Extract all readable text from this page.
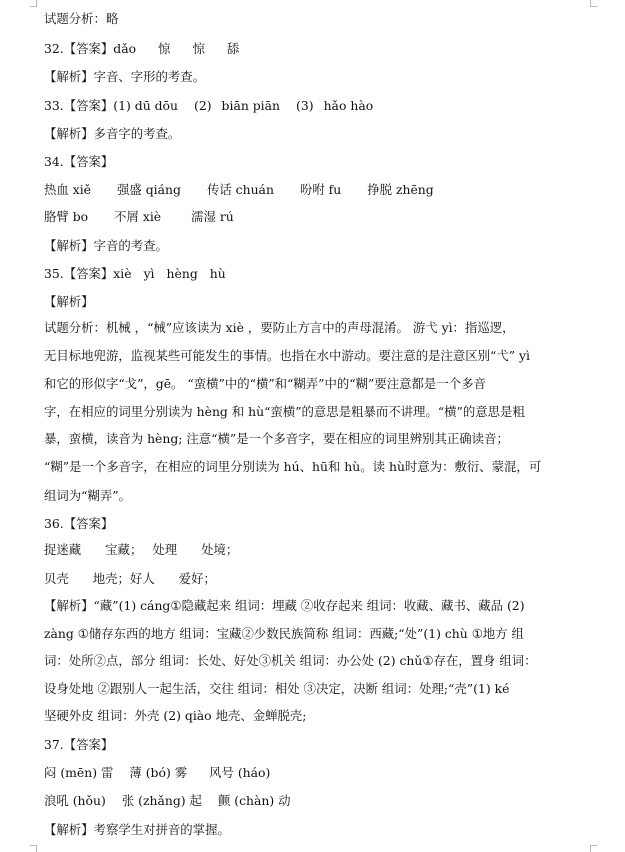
试题分析：略
32.【答案】dǎo 惊 惊 舔
【解析】字音、字形的考查。
33.【答案】(1) dū dōu (2) biān piān (3) hǎo hào
【解析】多音字的考查。
34.【答案】
热血 xiě 强盛 qiáng 传话 chuán 吩咐 fu 挣脱 zhēng
胳臂 bo 不屑 xiè 濡湿 rú
【解析】字音的考查。
35.【答案】xiè yì hèng hù
【解析】
试题分析：机械 ，“械”应该读为 xiè ，要防止方言中的声母混淆。 游弋 yì：指巡逻，
无目标地兜游，监视某些可能发生的事情。也指在水中游动。要注意的是注意区别“弋” yì
和它的形似字“戈”，gē。 “蛮横”中的“横”和“糊弄”中的“糊”要注意都是一个多音
字，在相应的词里分别读为 hèng 和 hù“蛮横”的意思是粗暴而不讲理。“横”的意思是粗
暴，蛮横，读音为 hèng; 注意“横”是一个多音字，要在相应的词里辨别其正确读音；
“糊”是一个多音字，在相应的词里分别读为 hú、hū和 hù。读 hù时意为：敷衍、蒙混，可
组词为“糊弄”。
36.【答案】
捉迷藏 宝藏； 处理 处境；
贝壳 地壳；好人 爱好；
【解析】“藏”(1) cáng①隐藏起来 组词：埋藏 ②收存起来 组词：收藏、藏书、藏品 (2)
zàng ①储存东西的地方 组词：宝藏②少数民族简称 组词：西藏;“处”(1) chù ①地方 组
词：处所②点，部分 组词：长处、好处③机关 组词：办公处 (2) chǔ①存在，置身 组词：
设身处地 ②跟别人一起生活，交往 组词：相处 ③决定，决断 组词：处理;“壳”(1) ké
坚硬外皮 组词：外壳 (2) qiào 地壳、金蝉脱壳;
37.【答案】
闷 (mēn) 雷 薄 (bó) 雾 风号 (háo)
浪吼 (hǒu) 张 (zhǎng) 起 颤 (chàn) 动
【解析】考察学生对拼音的掌握。
